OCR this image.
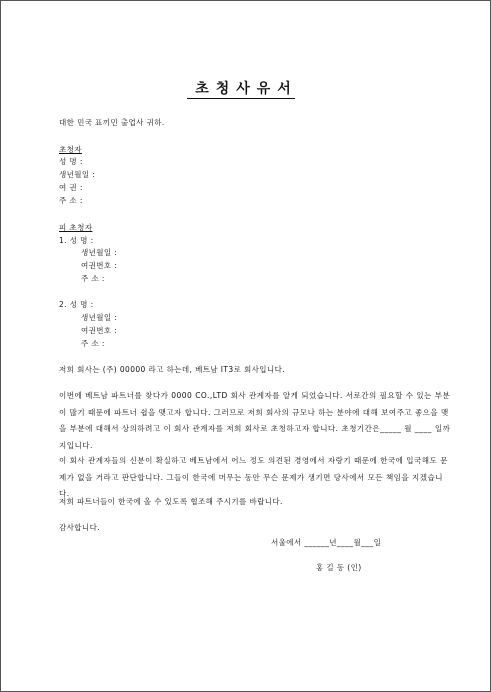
초청사유서
대한 민국 표끼민 출업사 귀하.
초청자
성 명 :
생년월일 :
여 권 :
주 소 :
피 초청자
1. 성 명 :
생년월일 :
여권번호 :
주 소 :
2. 성 명 :
생년월일 :
여권번호 :
주 소 :
저희 회사는 (주) 00000 라고 하는데, 베트남 IT3로 회사입니다.
이번에 베트남 파트너를 찾다가 0000 CO.,LTD 회사 관계자를 알게 되었습니다. 서로간의 필요할 수 있는 부분이 많기 때문에 파트너 쉽을 맺고자 합니다. 그러므로 저희 회사의 규모나 하는 분야에 대해 보여주고 좋으을 맺을 부분에 대해서 상의하려고 이 회사 관계자를 저희 회사로 초청하고자 합니다. 초청기간은_____ 월 ____ 일까지입니다.
이 회사 관계자들의 신분이 확실하고 베트남에서 어느 정도 의견된 경영에서 자랑기 때문에 한국에 입국해도 문제가 없을 거라고 판단합니다. 그들이 한국에 머무는 동안 무슨 문제가 생기면 당사에서 모든 책임을 지겠습니다.
저희 파트너들이 한국에 올 수 있도록 협조해 주시기를 바랍니다.
감사합니다.
서울에서 ______년____월___일
홍 길 동 (인)
